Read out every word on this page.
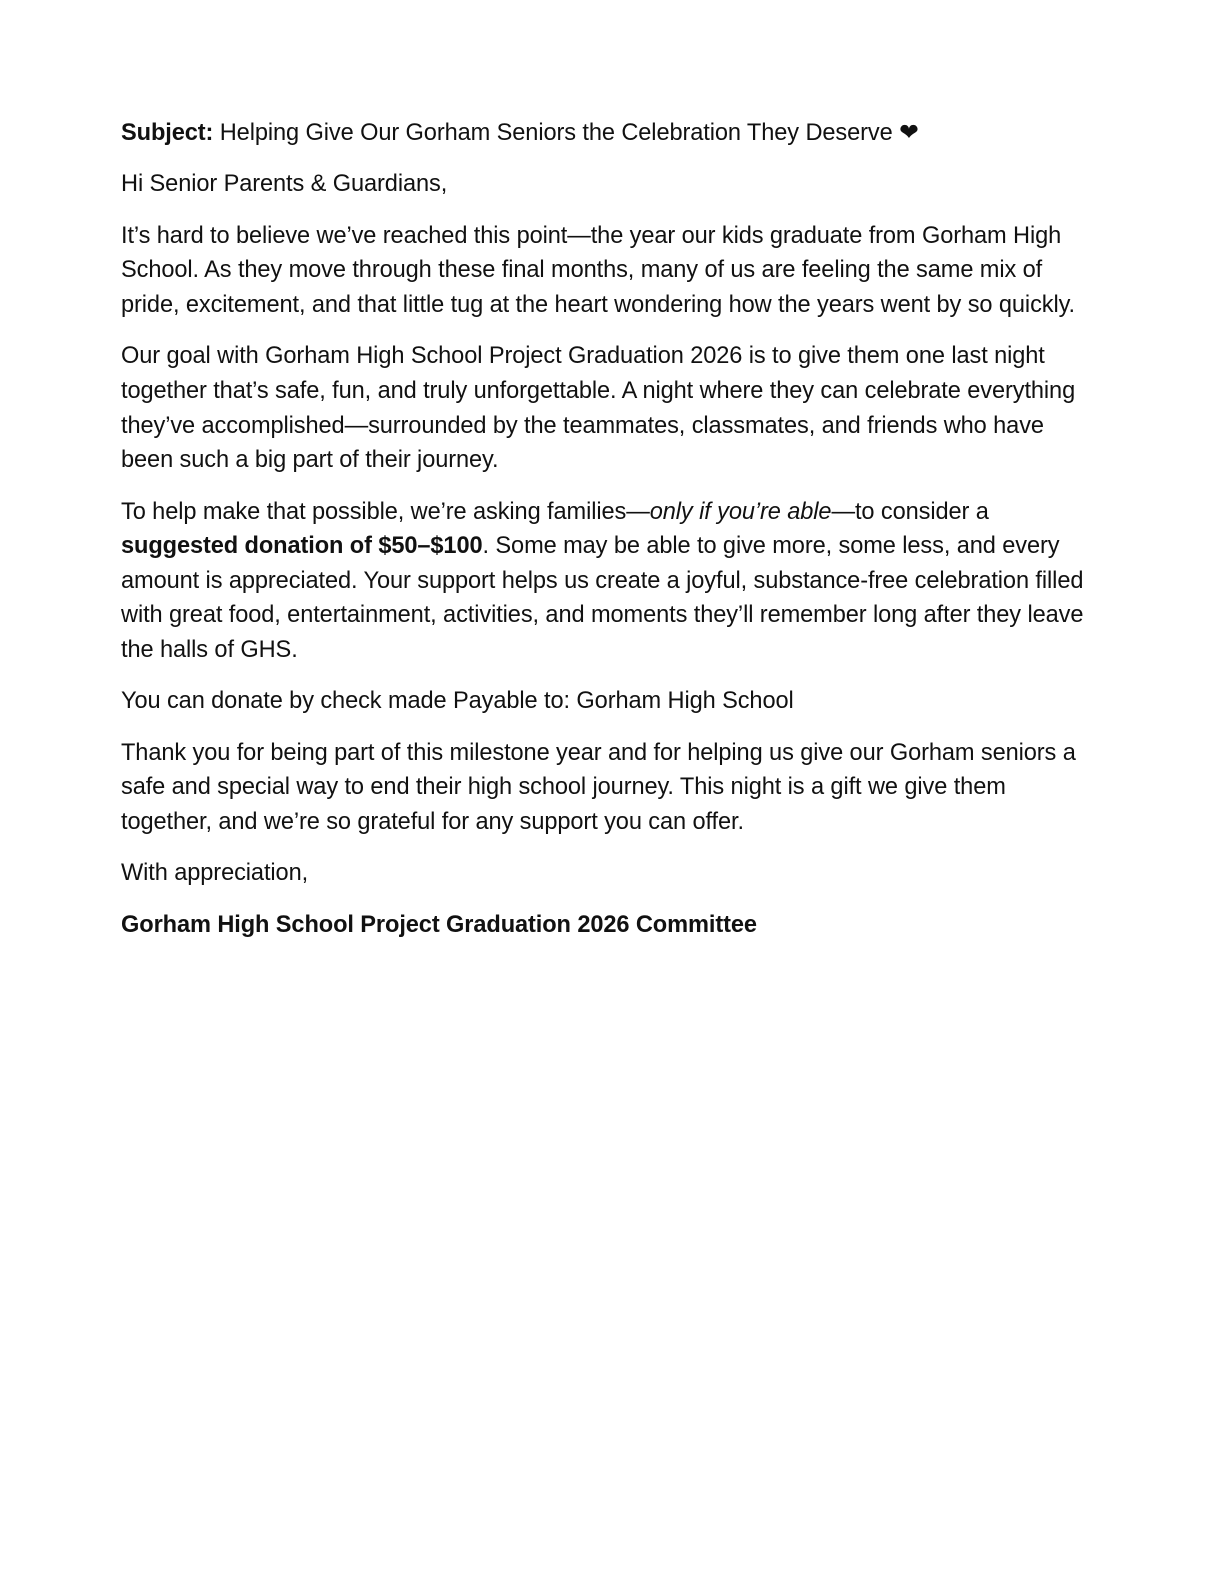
Subject: Helping Give Our Gorham Seniors the Celebration They Deserve ❤

Hi Senior Parents & Guardians,

It’s hard to believe we’ve reached this point—the year our kids graduate from Gorham High School. As they move through these final months, many of us are feeling the same mix of pride, excitement, and that little tug at the heart wondering how the years went by so quickly.

Our goal with Gorham High School Project Graduation 2026 is to give them one last night together that’s safe, fun, and truly unforgettable. A night where they can celebrate everything they’ve accomplished—surrounded by the teammates, classmates, and friends who have been such a big part of their journey.

To help make that possible, we’re asking families—only if you’re able—to consider a suggested donation of $50–$100. Some may be able to give more, some less, and every amount is appreciated. Your support helps us create a joyful, substance-free celebration filled with great food, entertainment, activities, and moments they’ll remember long after they leave the halls of GHS.

You can donate by check made Payable to: Gorham High School

Thank you for being part of this milestone year and for helping us give our Gorham seniors a safe and special way to end their high school journey. This night is a gift we give them together, and we’re so grateful for any support you can offer.

With appreciation,

Gorham High School Project Graduation 2026 Committee
